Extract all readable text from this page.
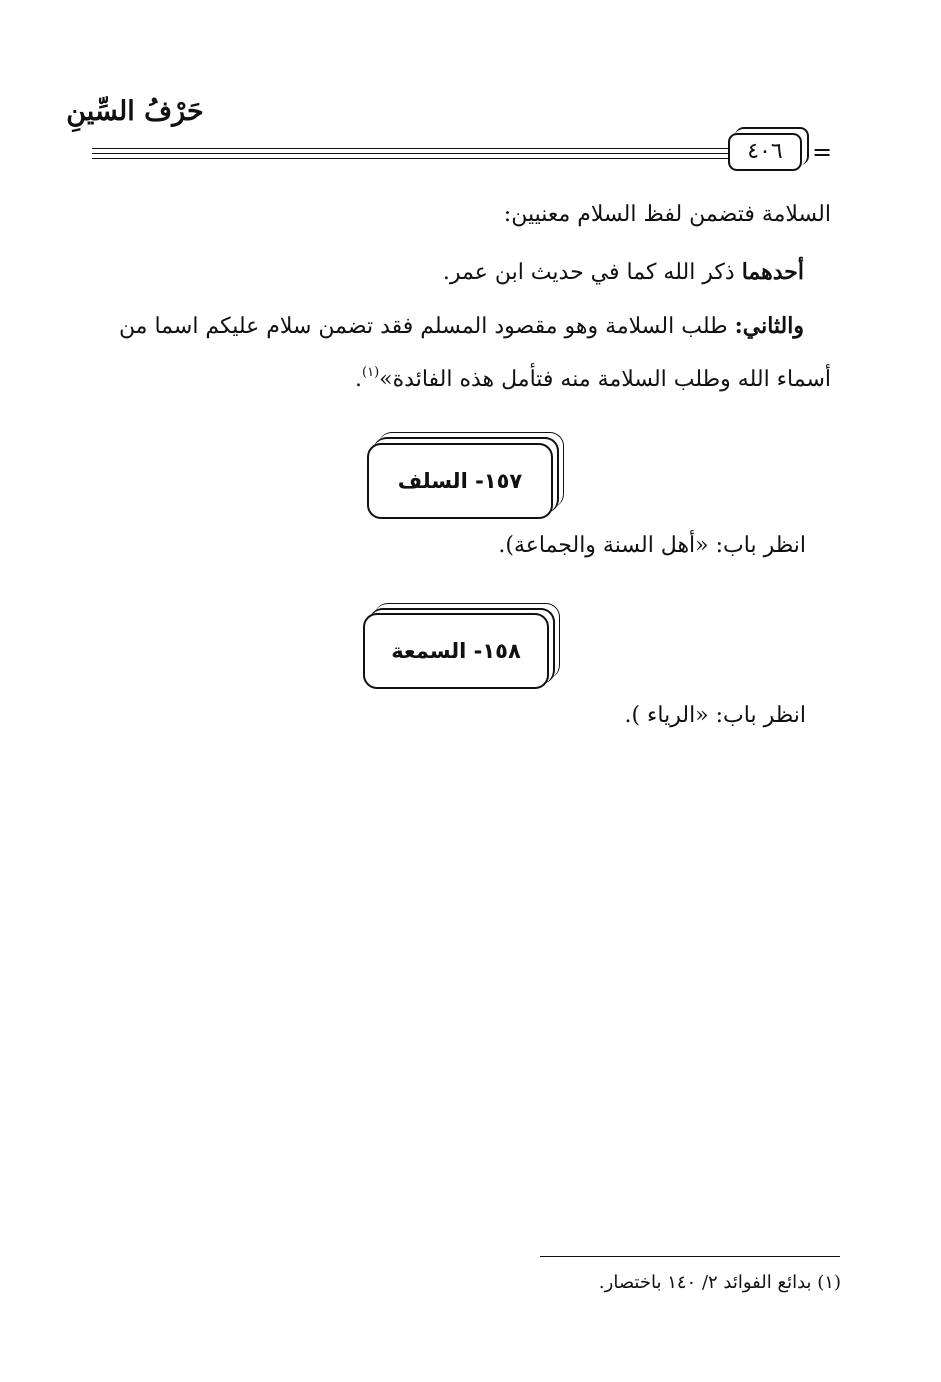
حَرْفُ السِّينِ
٤٠٦	=
السلامة فتضمن لفظ السلام معنيين:
أحدهما ذكر الله كما في حديث ابن عمر.
والثاني: طلب السلامة وهو مقصود المسلم فقد تضمن سلام عليكم اسما من
أسماء الله وطلب السلامة منه فتأمل هذه الفائدة»$^{(١)}$.
١٥٧- السلف
انظر باب: «أهل السنة والجماعة).
١٥٨- السمعة
انظر باب: «الرياء ).
(١) بدائع الفوائد ٢/ ١٤٠ باختصار.
